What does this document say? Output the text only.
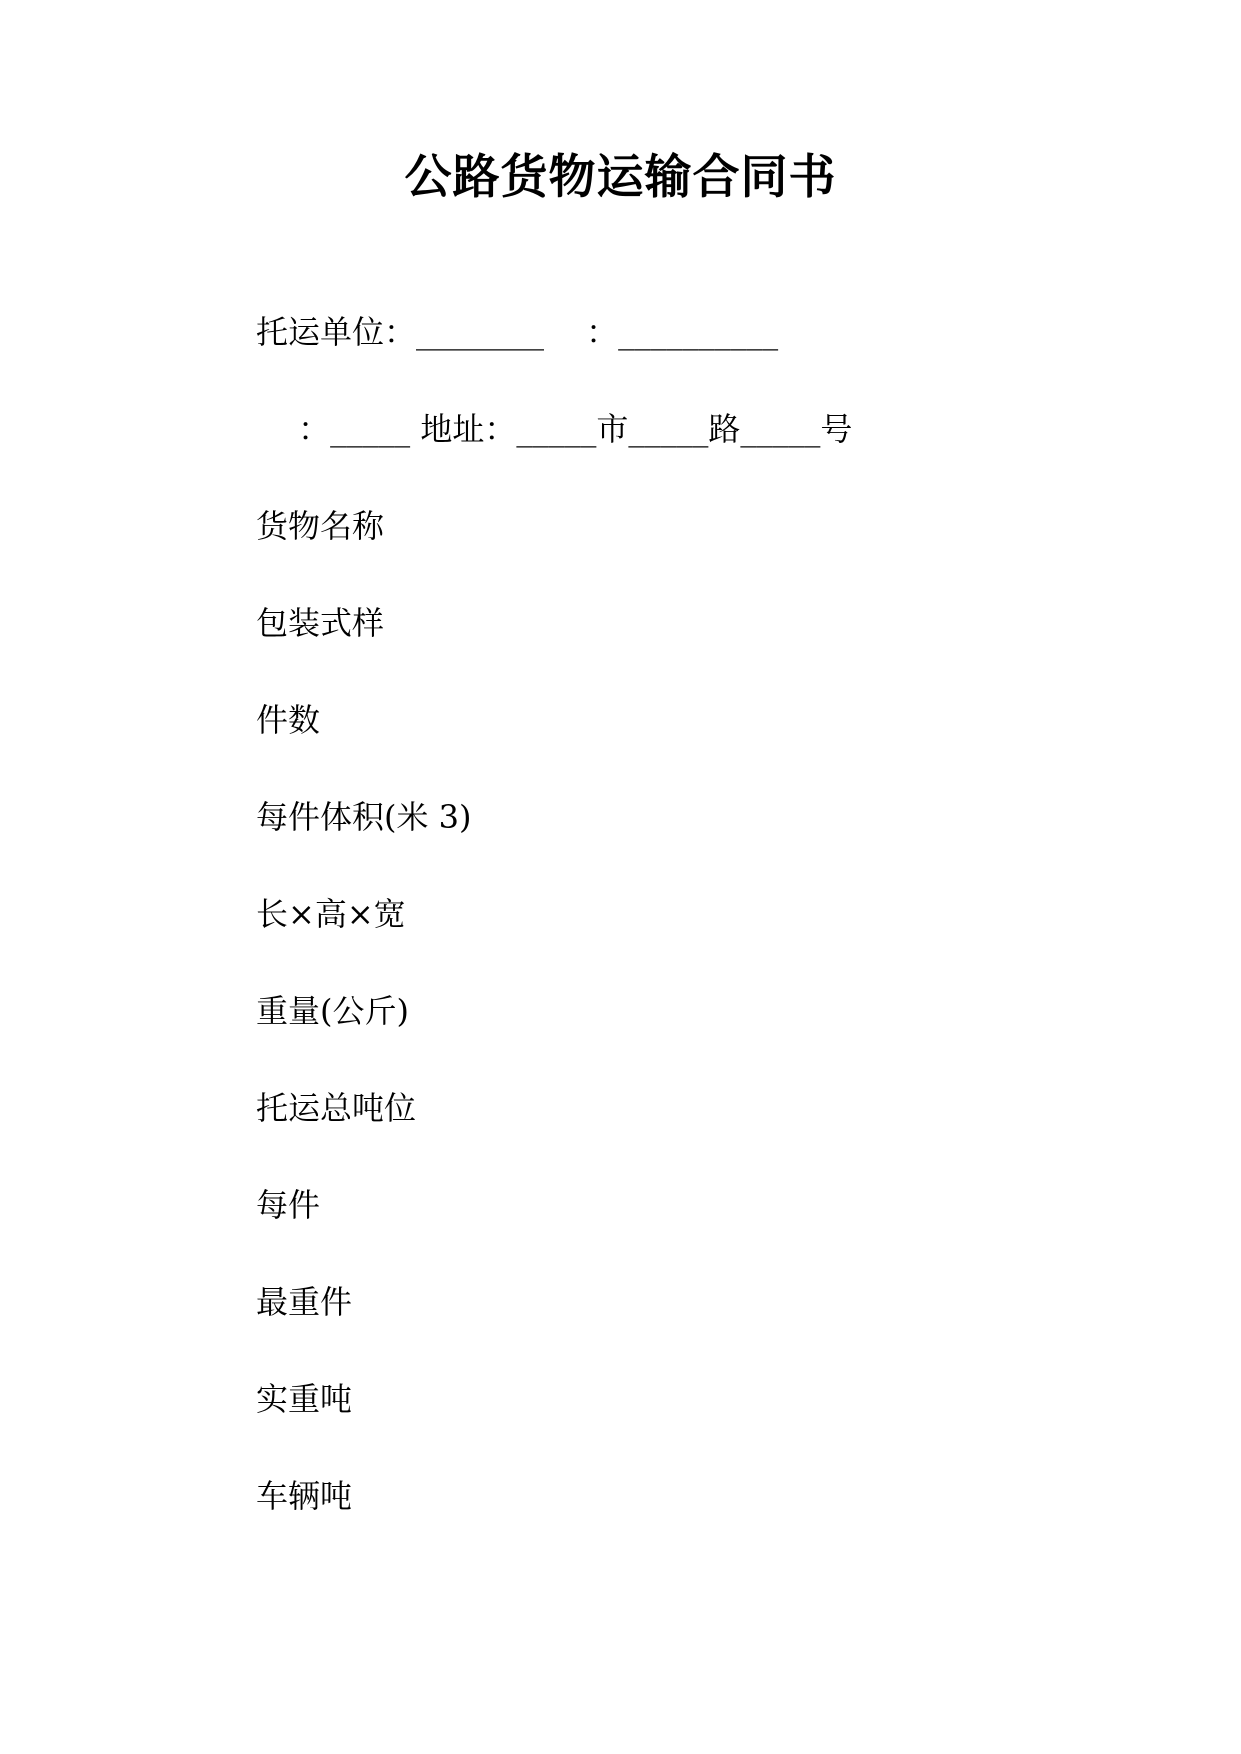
公路货物运输合同书
托运单位：________　 ：__________
　 ：_____ 地址：_____市_____路_____号
货物名称
包装式样
件数
每件体积(米 3)
长×高×宽
重量(公斤)
托运总吨位
每件
最重件
实重吨
车辆吨
